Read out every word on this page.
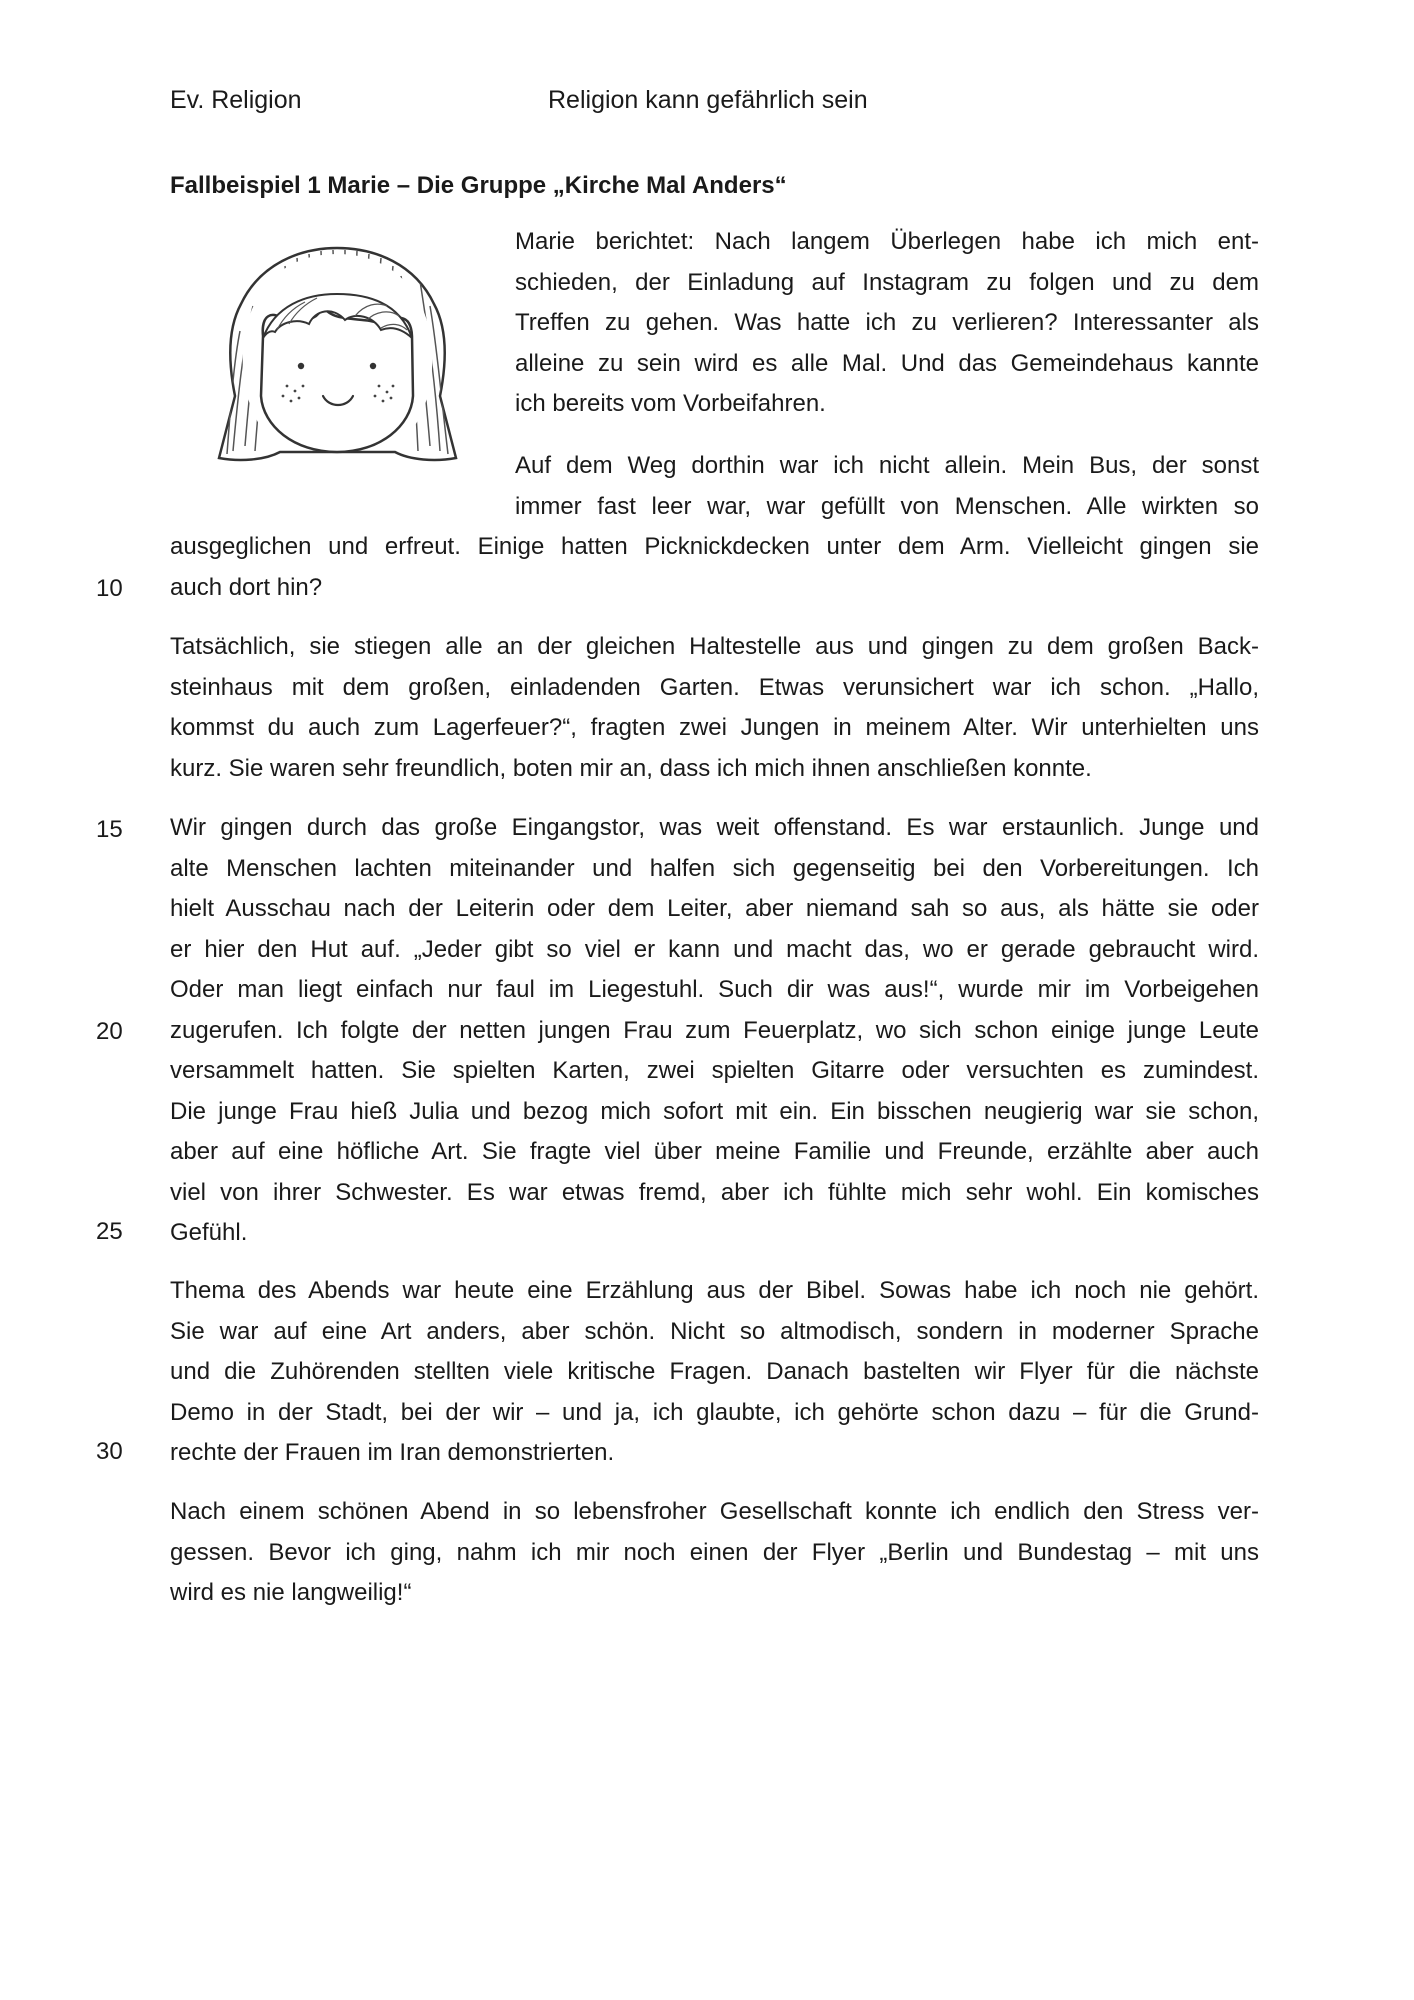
Ev. Religion	Religion kann gefährlich sein
Fallbeispiel 1 Marie – Die Gruppe „Kirche Mal Anders“
Marie berichtet: Nach langem Überlegen habe ich mich ent-
schieden, der Einladung auf Instagram zu folgen und zu dem
Treffen zu gehen. Was hatte ich zu verlieren? Interessanter als
alleine zu sein wird es alle Mal. Und das Gemeindehaus kannte
ich bereits vom Vorbeifahren.
Auf dem Weg dorthin war ich nicht allein. Mein Bus, der sonst
immer fast leer war, war gefüllt von Menschen. Alle wirkten so
ausgeglichen und erfreut. Einige hatten Picknickdecken unter dem Arm. Vielleicht gingen sie
auch dort hin?
Tatsächlich, sie stiegen alle an der gleichen Haltestelle aus und gingen zu dem großen Back-
steinhaus mit dem großen, einladenden Garten. Etwas verunsichert war ich schon. „Hallo,
kommst du auch zum Lagerfeuer?“, fragten zwei Jungen in meinem Alter. Wir unterhielten uns
kurz. Sie waren sehr freundlich, boten mir an, dass ich mich ihnen anschließen konnte.
Wir gingen durch das große Eingangstor, was weit offenstand. Es war erstaunlich. Junge und
alte Menschen lachten miteinander und halfen sich gegenseitig bei den Vorbereitungen. Ich
hielt Ausschau nach der Leiterin oder dem Leiter, aber niemand sah so aus, als hätte sie oder
er hier den Hut auf. „Jeder gibt so viel er kann und macht das, wo er gerade gebraucht wird.
Oder man liegt einfach nur faul im Liegestuhl. Such dir was aus!“, wurde mir im Vorbeigehen
zugerufen. Ich folgte der netten jungen Frau zum Feuerplatz, wo sich schon einige junge Leute
versammelt hatten. Sie spielten Karten, zwei spielten Gitarre oder versuchten es zumindest.
Die junge Frau hieß Julia und bezog mich sofort mit ein. Ein bisschen neugierig war sie schon,
aber auf eine höfliche Art. Sie fragte viel über meine Familie und Freunde, erzählte aber auch
viel von ihrer Schwester. Es war etwas fremd, aber ich fühlte mich sehr wohl. Ein komisches
Gefühl.
Thema des Abends war heute eine Erzählung aus der Bibel. Sowas habe ich noch nie gehört.
Sie war auf eine Art anders, aber schön. Nicht so altmodisch, sondern in moderner Sprache
und die Zuhörenden stellten viele kritische Fragen. Danach bastelten wir Flyer für die nächste
Demo in der Stadt, bei der wir – und ja, ich glaubte, ich gehörte schon dazu – für die Grund-
rechte der Frauen im Iran demonstrierten.
Nach einem schönen Abend in so lebensfroher Gesellschaft konnte ich endlich den Stress ver-
gessen. Bevor ich ging, nahm ich mir noch einen der Flyer „Berlin und Bundestag – mit uns
wird es nie langweilig!“
10
15
20
25
30
